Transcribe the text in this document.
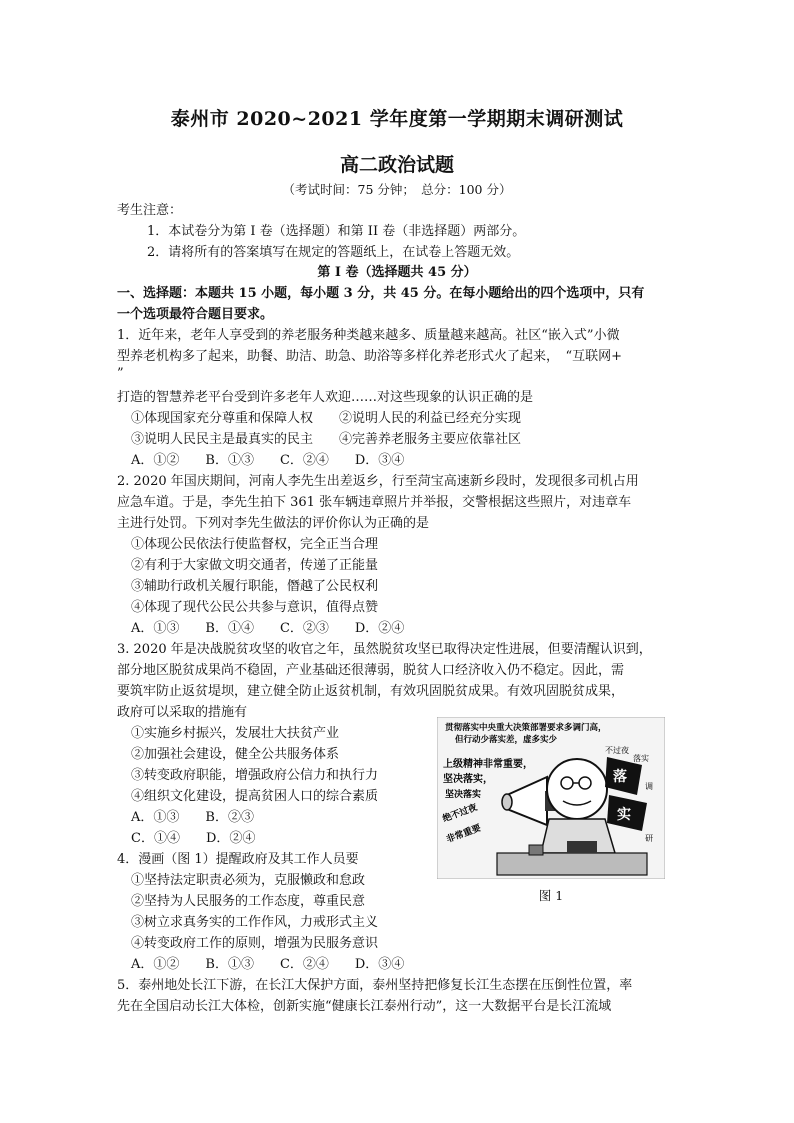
泰州市 2020~2021 学年度第一学期期末调研测试
高二政治试题
（考试时间：75 分钟；　总分：100 分）
考生注意：
1．本试卷分为第 I 卷（选择题）和第 II 卷（非选择题）两部分。
2．请将所有的答案填写在规定的答题纸上，在试卷上答题无效。
第 I 卷（选择题共 45 分）
一、选择题：本题共 15 小题，每小题 3 分，共 45 分。在每小题给出的四个选项中，只有
一个选项最符合题目要求。
1．近年来，老年人享受到的养老服务种类越来越多、质量越来越高。社区“嵌入式”小微
型养老机构多了起来，助餐、助洁、助急、助浴等多样化养老形式火了起来，　“互联网+
”
打造的智慧养老平台受到许多老年人欢迎……对这些现象的认识正确的是
①体现国家充分尊重和保障人权　　②说明人民的利益已经充分实现
③说明人民民主是最真实的民主　　④完善养老服务主要应依靠社区
A．①②　　B．①③　　C．②④　　D．③④
2. 2020 年国庆期间，河南人李先生出差返乡，行至菏宝高速新乡段时，发现很多司机占用
应急车道。于是，李先生拍下 361 张车辆违章照片并举报，交警根据这些照片，对违章车
主进行处罚。下列对李先生做法的评价你认为正确的是
①体现公民依法行使监督权，完全正当合理
②有利于大家做文明交通者，传递了正能量
③辅助行政机关履行职能，僭越了公民权利
④体现了现代公民公共参与意识，值得点赞
A．①③　　B．①④　　C．②③　　D．②④
3. 2020 年是决战脱贫攻坚的收官之年，虽然脱贫攻坚已取得决定性进展，但要清醒认识到，
部分地区脱贫成果尚不稳固，产业基础还很薄弱，脱贫人口经济收入仍不稳定。因此，需
要筑牢防止返贫堤坝，建立健全防止返贫机制，有效巩固脱贫成果。有效巩固脱贫成果，
政府可以采取的措施有
①实施乡村振兴，发展壮大扶贫产业
②加强社会建设，健全公共服务体系
③转变政府职能，增强政府公信力和执行力
④组织文化建设，提高贫困人口的综合素质
A．①③　　B．②③
C．①④　　D．②④
4．漫画（图 1）提醒政府及其工作人员要
①坚持法定职责必须为，克服懒政和怠政
②坚持为人民服务的工作态度，尊重民意
③树立求真务实的工作作风，力戒形式主义
④转变政府工作的原则，增强为民服务意识
A．①②　　B．①③　　C．②④　　D．③④
5．泰州地处长江下游，在长江大保护方面，泰州坚持把修复长江生态摆在压倒性位置，率
先在全国启动长江大体检，创新实施“健康长江泰州行动”，这一大数据平台是长江流域
贯彻落实中央重大决策部署要求多调门高，
但行动少落实差，虚多实少
不过夜
上级精神非常重要，
坚决落实，
坚决落实
绝不过夜
非常重要
落
实
落实
调
研
图 1
